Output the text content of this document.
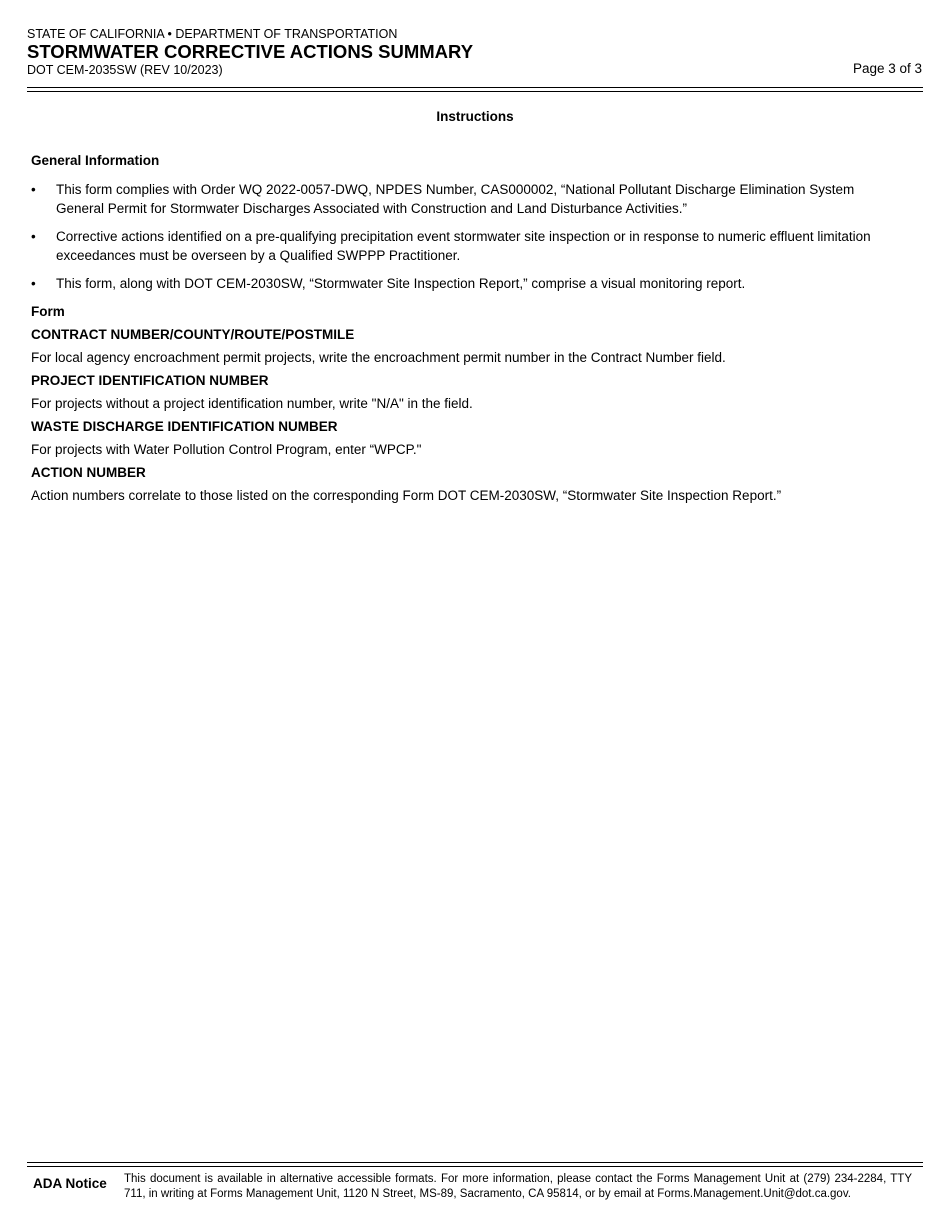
STATE OF CALIFORNIA • DEPARTMENT OF TRANSPORTATION
STORMWATER CORRECTIVE ACTIONS SUMMARY
DOT CEM-2035SW (REV 10/2023)	Page 3 of 3
Instructions
General Information
• This form complies with Order WQ 2022-0057-DWQ, NPDES Number, CAS000002, “National Pollutant Discharge Elimination System General Permit for Stormwater Discharges Associated with Construction and Land Disturbance Activities.”
• Corrective actions identified on a pre-qualifying precipitation event stormwater site inspection or in response to numeric effluent limitation exceedances must be overseen by a Qualified SWPPP Practitioner.
• This form, along with DOT CEM-2030SW, “Stormwater Site Inspection Report,” comprise a visual monitoring report.
Form
CONTRACT NUMBER/COUNTY/ROUTE/POSTMILE
For local agency encroachment permit projects, write the encroachment permit number in the Contract Number field.
PROJECT IDENTIFICATION NUMBER
For projects without a project identification number, write "N/A" in the field.
WASTE DISCHARGE IDENTIFICATION NUMBER
For projects with Water Pollution Control Program, enter “WPCP."
ACTION NUMBER
Action numbers correlate to those listed on the corresponding Form DOT CEM-2030SW, “Stormwater Site Inspection Report.”
ADA Notice This document is available in alternative accessible formats. For more information, please contact the Forms Management Unit at (279) 234-2284, TTY 711, in writing at Forms Management Unit, 1120 N Street, MS-89, Sacramento, CA 95814, or by email at Forms.Management.Unit@dot.ca.gov.
